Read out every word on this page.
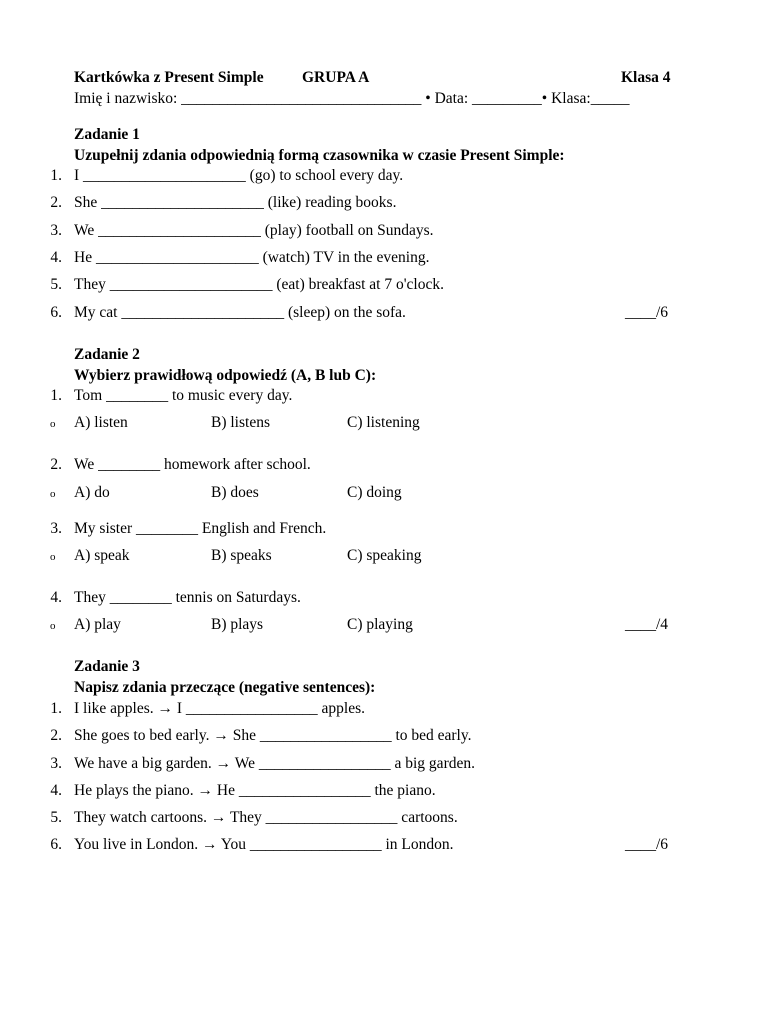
Kartkówka z Present Simple GRUPA A	Klasa 4
Imię i nazwisko: _______________________________ • Data: _________• Klasa:_____
Zadanie 1
Uzupełnij zdania odpowiednią formą czasownika w czasie Present Simple:
1. I _____________________ (go) to school every day.
2. She _____________________ (like) reading books.
3. We _____________________ (play) football on Sundays.
4. He _____________________ (watch) TV in the evening.
5. They _____________________ (eat) breakfast at 7 o'clock.
6. My cat _____________________ (sleep) on the sofa.	____/6
Zadanie 2
Wybierz prawidłową odpowiedź (A, B lub C):
1. Tom ________ to music every day.
o A) listen	B) listens	C) listening
2. We ________ homework after school.
o A) do	B) does	C) doing
3. My sister ________ English and French.
o A) speak	B) speaks	C) speaking
4. They ________ tennis on Saturdays.
o A) play	B) plays	C) playing	____/4
Zadanie 3
Napisz zdania przeczące (negative sentences):
1. I like apples. → I _________________ apples.
2. She goes to bed early. → She _________________ to bed early.
3. We have a big garden. → We _________________ a big garden.
4. He plays the piano. → He _________________ the piano.
5. They watch cartoons. → They _________________ cartoons.
6. You live in London. → You _________________ in London.	____/6
